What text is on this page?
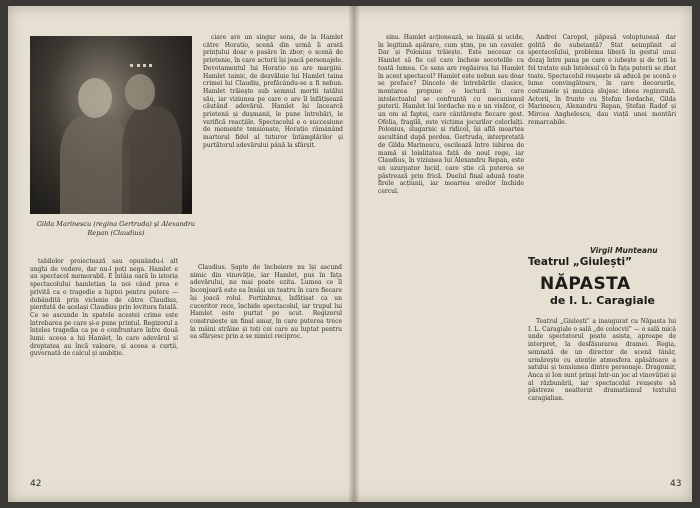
Gilda Marinescu (regina Gertruda) și Alexandru Repan (Claudius)

ciare are un singur sens, de la Hamlet către Horatio, scenă din urmă îi arată prințului doar o pasăre în zbor; o scenă de prietenie, în care actorii își joacă personajele. Devotamentul lui Horatio nu are margini. Hamlet tainic, de dezvăluie lui Hamlet taina crimei lui Claudiu, prefăcându-se a fi nebun. Hamlet trăiește sub semnul morții tatălui său, iar viziunea pe care o are îl înfățișează căutând adevărul. Hamlet își încearcă prietenii și dușmanii, le pune întrebări, le verifică reacțiile. Spectacolul e o succesiune de momente tensionate, Horatio rămânând martorul fidel al tuturor întâmplărilor și purtătorul adevărului până la sfârșit.

tabilelor proiectează sau opunându-i alt unghi de vedere, dar nu-l poți nega. Hamlet e un spectacol memorabil. E întâia oară în istoria spectacolului hamletian la noi când prea e privită ca o tragedie a luptei pentru putere — dobândită prin viclenie de către Claudius, pierdută de același Claudius prin lovitura fatală. Ce se ascunde în spatele acestei crime este întrebarea pe care și-o pune prințul. Regizorul a înțeles tragedia ca pe o confruntare între două lumi: aceea a lui Hamlet, în care adevărul și dreptatea au încă valoare, și aceea a curții, guvernată de calcul și ambiție.

Claudius. Șapte de încheiere nu își ascund nimic din vinovăție, iar Hamlet, pus în fața adevărului, nu mai poate ezita. Lumea ce îl înconjoară este ea însăși un teatru în care fiecare își joacă rolul. Fortinbras, înfățișat ca un cuceritor rece, închide spectacolul, iar trupul lui Hamlet este purtat pe scut. Regizorul construiește un final amar, în care puterea trece în mâini străine și toți cei care au luptat pentru ea sfârșesc prin a se nimici reciproc.

42

sinu. Hamlet acționează, se înșală și ucide, în legitimă apărare, cum știm, pe un cavaler. Dar și Polonius trăiește. Este necesar ca Hamlet să fie cel care încheie socotelile cu toată lumea. Ce sens are regăsirea lui Hamlet în acest spectacol? Hamlet este nebun sau doar se preface? Dincolo de întrebările clasice, montarea propune o lectură în care intelectualul se confruntă cu mecanismul puterii. Hamlet lui Iordache nu e un visător, ci un om al faptei, care cântărește fiecare gest. Ofelia, fragilă, este victima jocurilor celorlalți. Polonius, slugarnic și ridicol, își află moartea ascultând după perdea. Gertruda, interpretată de Gilda Marinescu, oscilează între iubirea de mamă și loialitatea față de noul rege, iar Claudius, în viziunea lui Alexandru Repan, este un uzurpator lucid, care știe că puterea se păstrează prin frică. Duelul final adună toate firele acțiunii, iar moartea eroilor închide cercul.

Andrei Caropol, păpușă voluptuoasă dar golită de substanță? Stat neimplinit al spectacolului, problema liberă în gestul unui dozaj între pana pe care o iubește și de toți la fel tratate sub înțelesul că în fața puterii se zbat toate. Spectacolul reușește să aducă pe scenă o lume convingătoare, în care decorurile, costumele și muzica slujesc ideea regizorală. Actorii, în frunte cu Ștefan Iordache, Gilda Marinescu, Alexandru Repan, Ștefan Radof și Mircea Anghelescu, dau viață unei montări remarcabile.

Virgil Munteanu
Teatrul „Giulești”
NĂPASTA
de I. L. Caragiale

Teatrul „Giulești” a inaugurat cu Năpasta lui I. L. Caragiale o sală „de colocvii” — o sală mică unde spectatorul poate asista, aproape de interpret, la desfășurarea dramei. Regia, semnată de un director de scenă tânăr, urmărește cu atenție atmosfera apăsătoare a satului și tensiunea dintre personaje. Dragomir, Anca și Ion sunt prinși într-un joc al vinovăției și al răzbunării, iar spectacolul reușește să păstreze nealterat dramatismul textului caragialian.

43
